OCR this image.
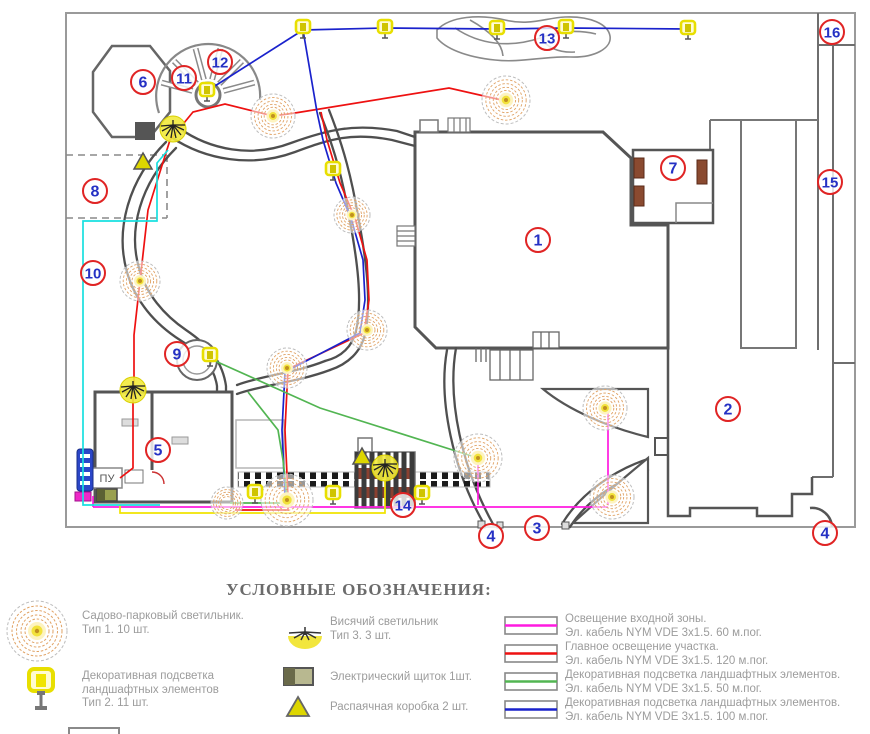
1
2
3
4	4
5
6
7
8
9
10
11
12
13
14
15
16
ПУ
УСЛОВНЫЕ ОБОЗНАЧЕНИЯ:
Садово-парковый светильник.
Тип 1. 10 шт.
Декоративная подсветка
ландшафтных элементов
Тип 2. 11 шт.
Висячий светильник
Тип 3. 3 шт.
Электрический щиток 1шт.
Распаячная коробка 2 шт.
Освещение входной зоны.
Эл. кабель NYM VDE 3х1.5. 60 м.пог.
Главное освещение участка.
Эл. кабель NYM VDE 3х1.5. 120 м.пог.
Декоративная подсветка ландшафтных элементов.
Эл. кабель NYM VDE 3х1.5. 50 м.пог.
Декоративная подсветка ландшафтных элементов.
Эл. кабель NYM VDE 3х1.5. 100 м.пог.
